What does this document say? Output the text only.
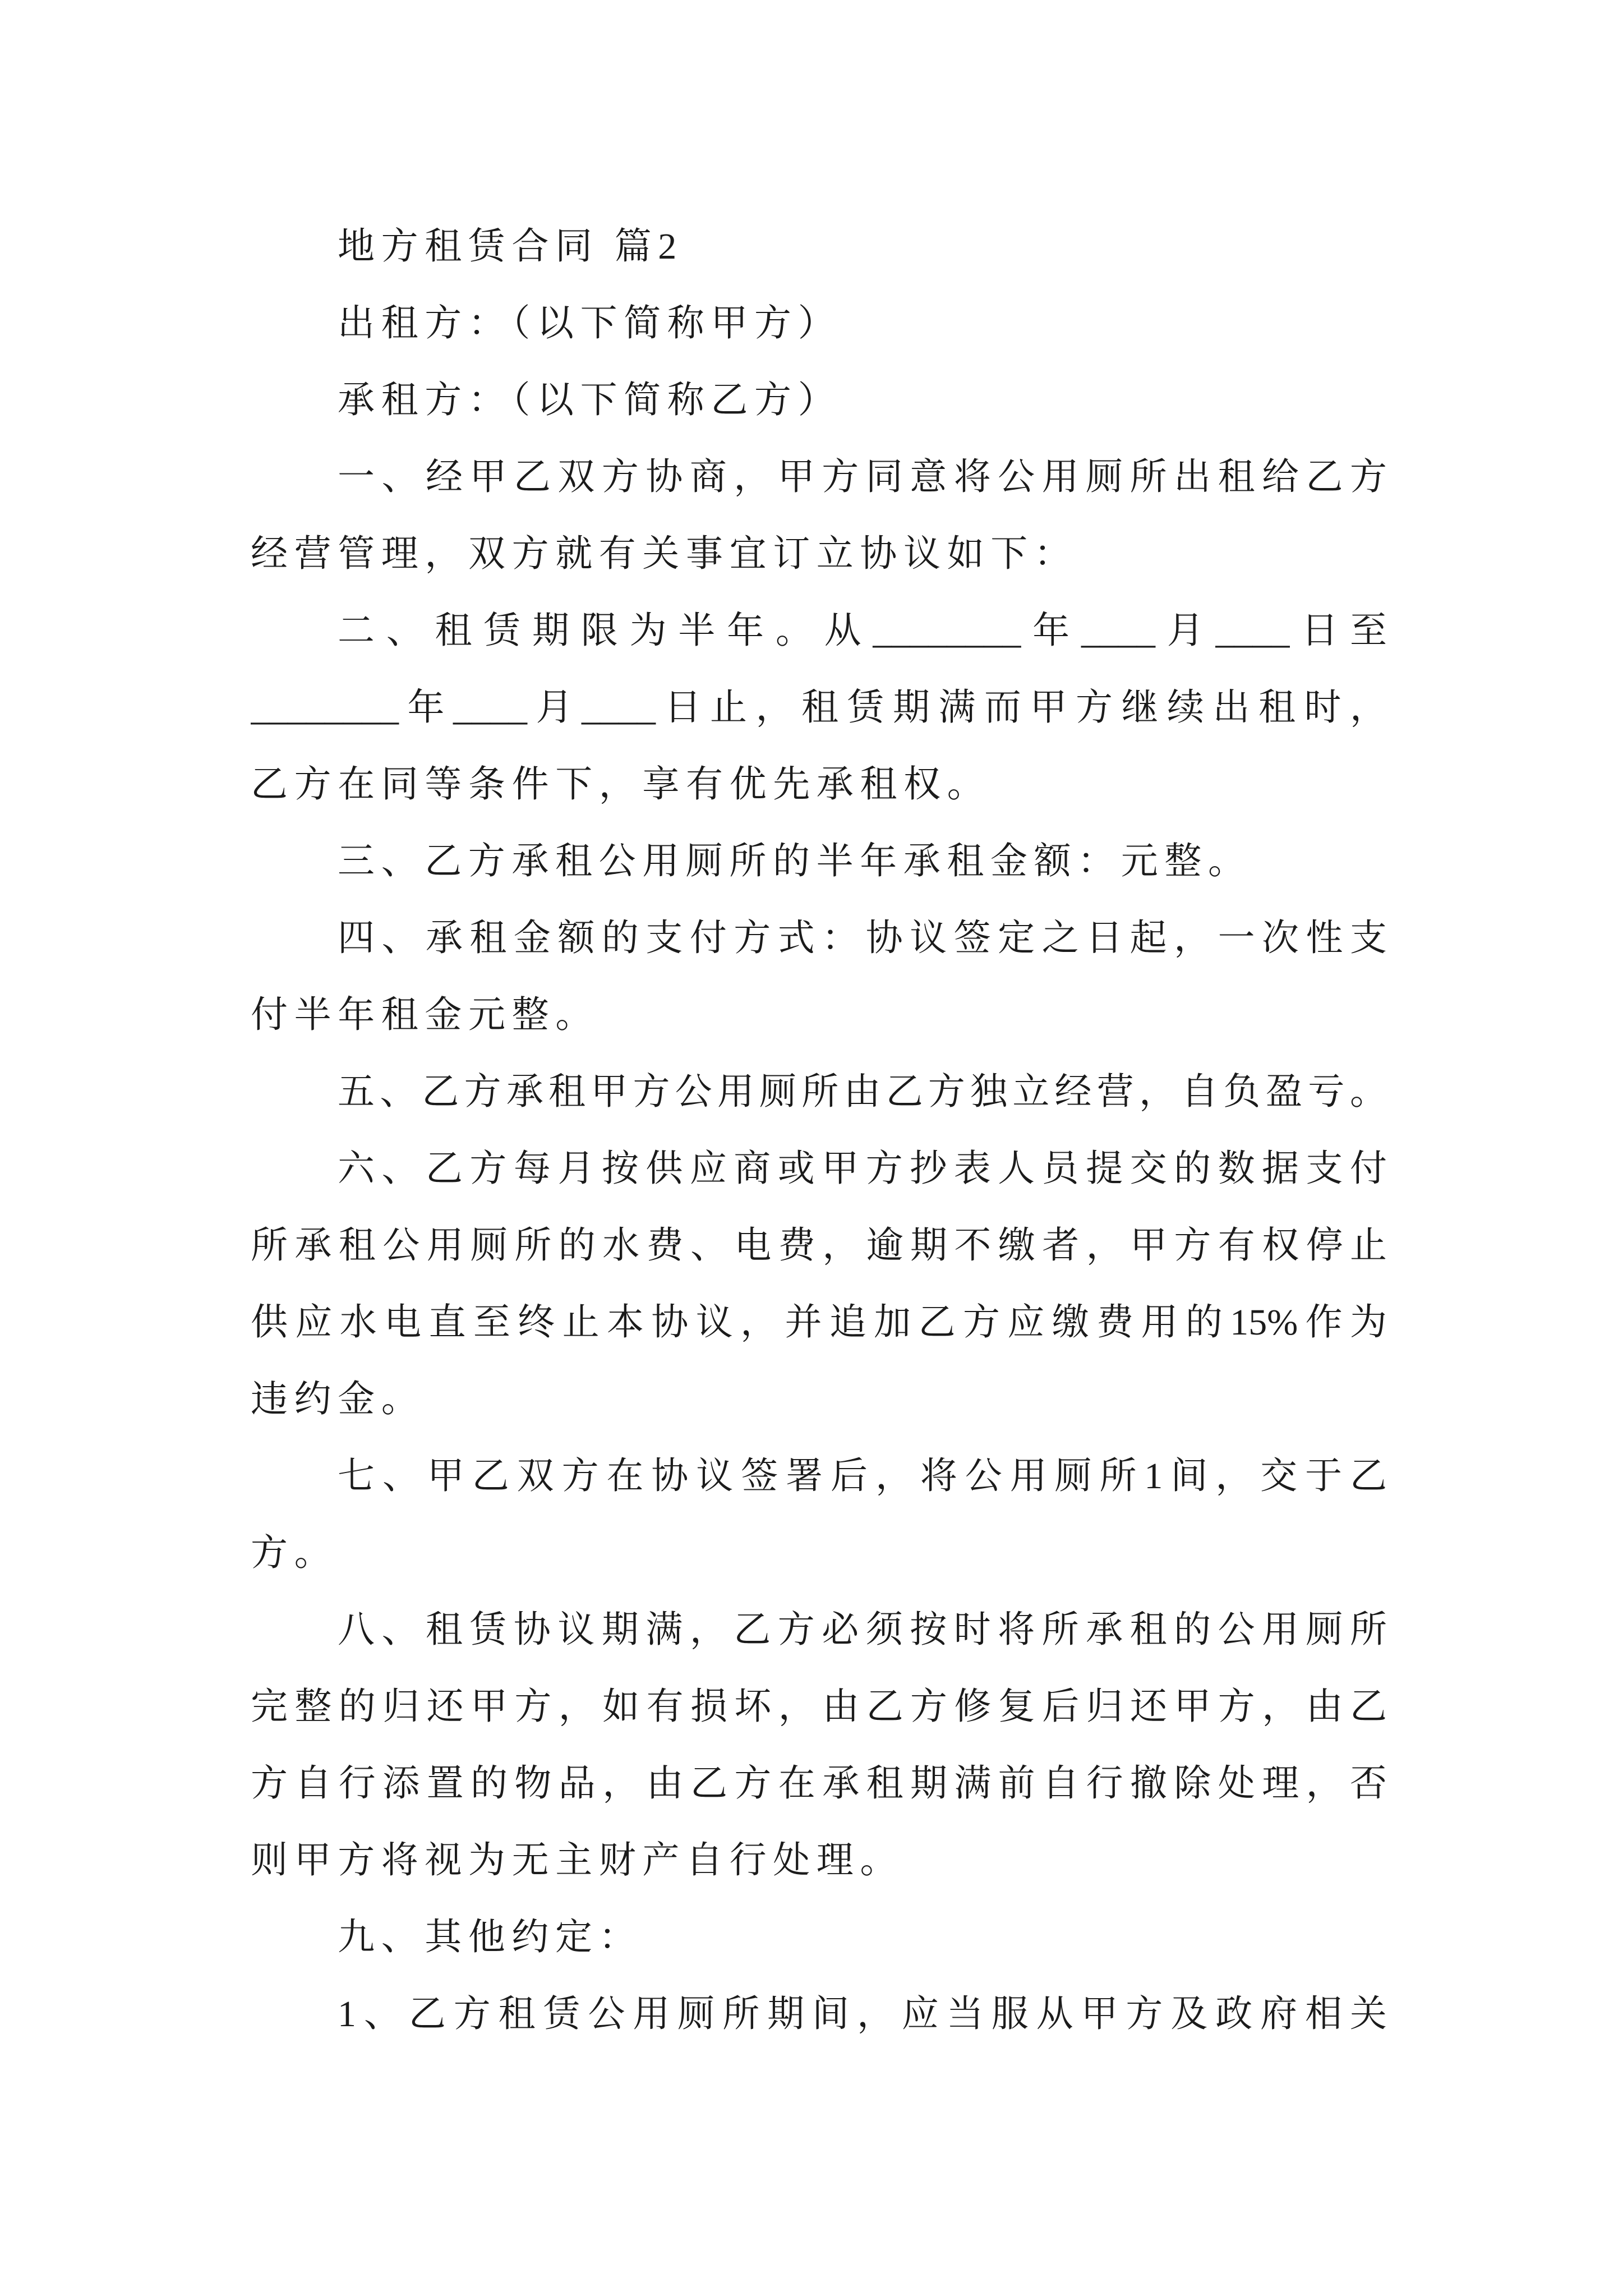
地方租赁合同 篇2
出租方：（以下简称甲方）
承租方：（以下简称乙方）
一、经甲乙双方协商，甲方同意将公用厕所出租给乙方
经营管理，双方就有关事宜订立协议如下：
二、租赁期限为半年。从________年____月____日至
________年____月____日止，租赁期满而甲方继续出租时，
乙方在同等条件下，享有优先承租权。
三、乙方承租公用厕所的半年承租金额：元整。
四、承租金额的支付方式：协议签定之日起，一次性支
付半年租金元整。
五、乙方承租甲方公用厕所由乙方独立经营，自负盈亏。
六、乙方每月按供应商或甲方抄表人员提交的数据支付
所承租公用厕所的水费、电费，逾期不缴者，甲方有权停止
供应水电直至终止本协议，并追加乙方应缴费用的15%作为
违约金。
七、甲乙双方在协议签署后，将公用厕所1间，交于乙
方。
八、租赁协议期满，乙方必须按时将所承租的公用厕所
完整的归还甲方，如有损坏，由乙方修复后归还甲方，由乙
方自行添置的物品，由乙方在承租期满前自行撤除处理，否
则甲方将视为无主财产自行处理。
九、其他约定：
1、乙方租赁公用厕所期间，应当服从甲方及政府相关
